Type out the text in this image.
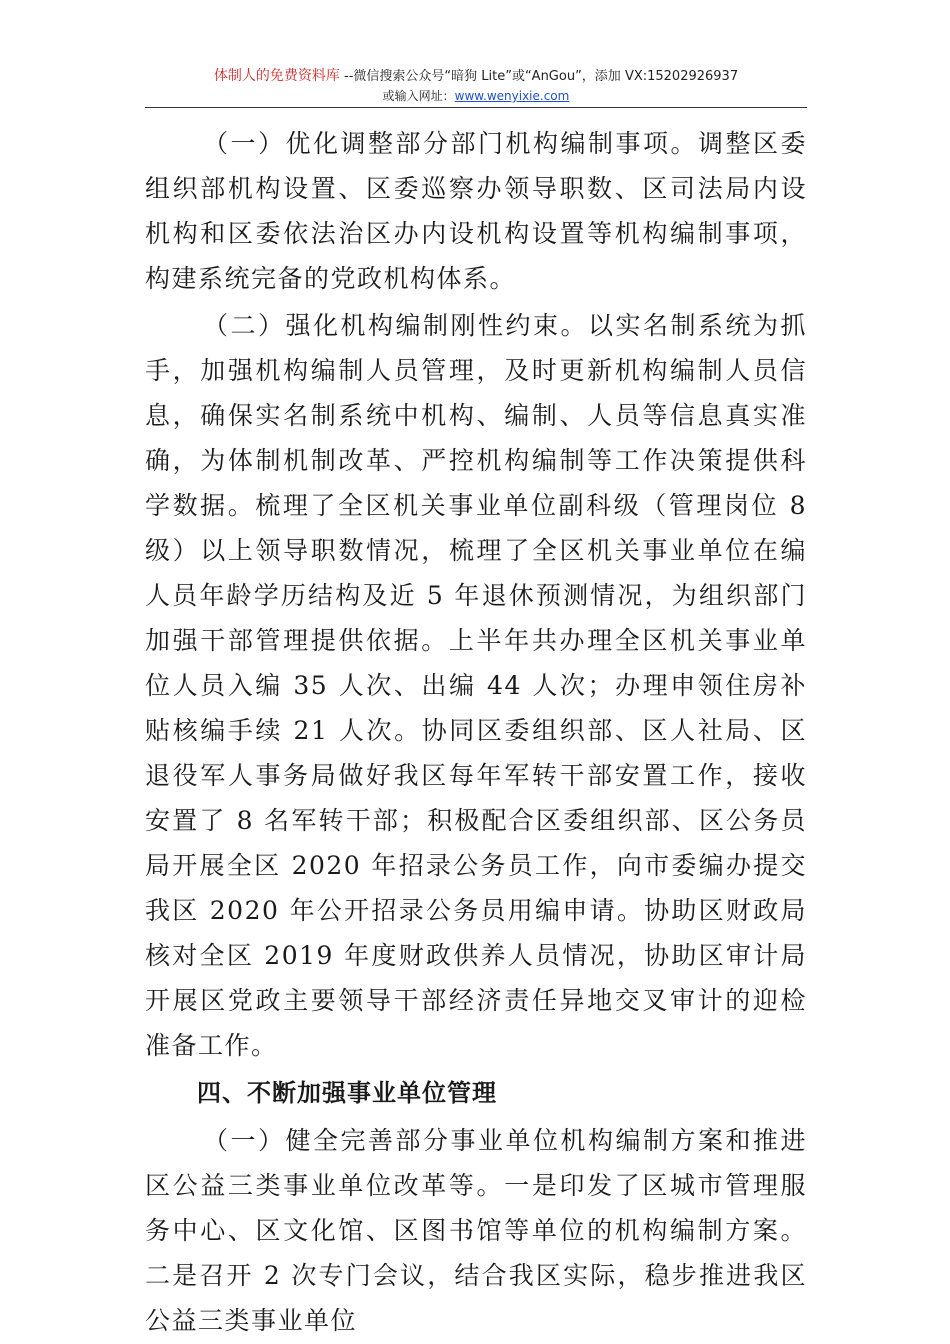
体制人的免费资料库 --微信搜索公众号“暗狗 Lite”或“AnGou”，添加 VX:15202926937
或输入网址：www.wenyixie.com

（一）优化调整部分部门机构编制事项。调整区委组织部机构设置、区委巡察办领导职数、区司法局内设机构和区委依法治区办内设机构设置等机构编制事项，构建系统完备的党政机构体系。

（二）强化机构编制刚性约束。以实名制系统为抓手，加强机构编制人员管理，及时更新机构编制人员信息，确保实名制系统中机构、编制、人员等信息真实准确，为体制机制改革、严控机构编制等工作决策提供科学数据。梳理了全区机关事业单位副科级（管理岗位 8 级）以上领导职数情况，梳理了全区机关事业单位在编人员年龄学历结构及近 5 年退休预测情况，为组织部门加强干部管理提供依据。上半年共办理全区机关事业单位人员入编 35 人次、出编 44 人次；办理申领住房补贴核编手续 21 人次。协同区委组织部、区人社局、区退役军人事务局做好我区每年军转干部安置工作，接收安置了 8 名军转干部；积极配合区委组织部、区公务员局开展全区 2020 年招录公务员工作，向市委编办提交我区 2020 年公开招录公务员用编申请。协助区财政局核对全区 2019 年度财政供养人员情况，协助区审计局开展区党政主要领导干部经济责任异地交叉审计的迎检准备工作。

四、不断加强事业单位管理

（一）健全完善部分事业单位机构编制方案和推进区公益三类事业单位改革等。一是印发了区城市管理服务中心、区文化馆、区图书馆等单位的机构编制方案。二是召开 2 次专门会议，结合我区实际，稳步推进我区公益三类事业单位
